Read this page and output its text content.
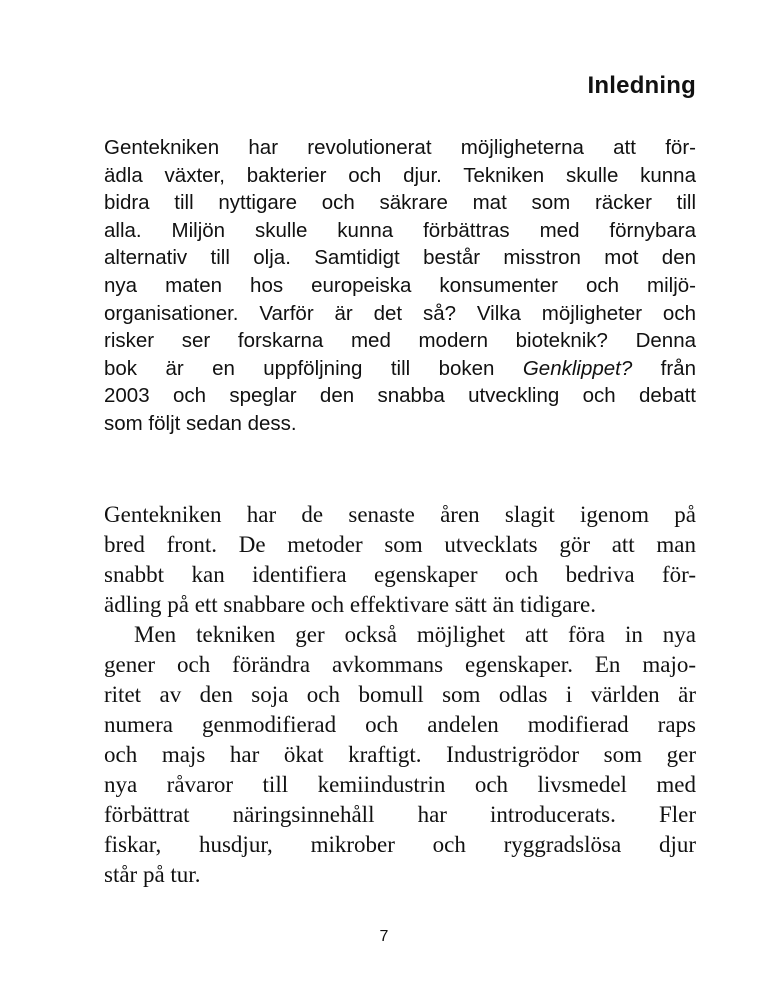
Inledning
Gentekniken har revolutionerat möjligheterna att för-
ädla växter, bakterier och djur. Tekniken skulle kunna
bidra till nyttigare och säkrare mat som räcker till
alla. Miljön skulle kunna förbättras med förnybara
alternativ till olja. Samtidigt består misstron mot den
nya maten hos europeiska konsumenter och miljö-
organisationer. Varför är det så? Vilka möjligheter och
risker ser forskarna med modern bioteknik? Denna
bok är en uppföljning till boken Genklippet? från
2003 och speglar den snabba utveckling och debatt
som följt sedan dess.
Gentekniken har de senaste åren slagit igenom på
bred front. De metoder som utvecklats gör att man
snabbt kan identifiera egenskaper och bedriva för-
ädling på ett snabbare och effektivare sätt än tidigare.
Men tekniken ger också möjlighet att föra in nya
gener och förändra avkommans egenskaper. En majo-
ritet av den soja och bomull som odlas i världen är
numera genmodifierad och andelen modifierad raps
och majs har ökat kraftigt. Industrigrödor som ger
nya råvaror till kemiindustrin och livsmedel med
förbättrat näringsinnehåll har introducerats. Fler
fiskar, husdjur, mikrober och ryggradslösa djur
står på tur.

7
